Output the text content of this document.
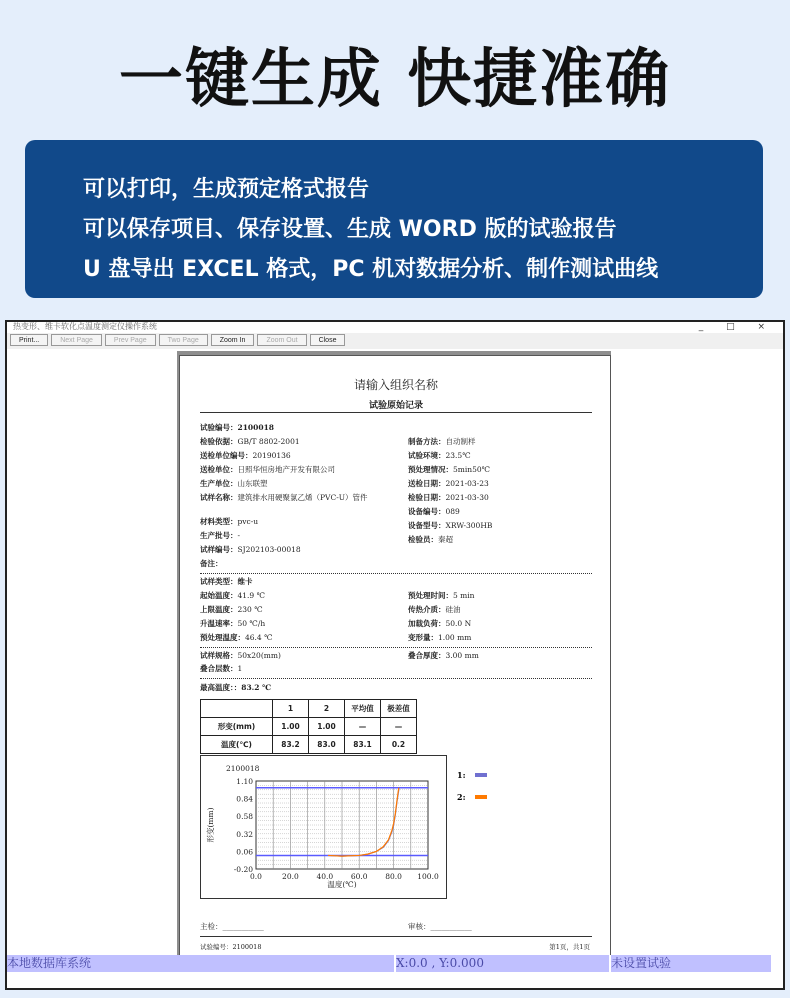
一键生成 快捷准确
可以打印，生成预定格式报告
可以保存项目、保存设置、生成 WORD 版的试验报告
U 盘导出 EXCEL 格式，PC 机对数据分析、制作测试曲线
热变形、维卡软化点温度测定仪操作系统	_ □ ×
Print...	Next Page	Prev Page	Two Page	Zoom In	Zoom Out	Close
请输入组织名称
试验原始记录
试验编号：2100018
检验依据：GB/T 8802-2001
送检单位编号：20190136
送检单位：日照华恒房地产开发有限公司
生产单位：山东联塑
试样名称：建筑排水用硬聚氯乙烯（PVC-U）管件
材料类型：pvc-u
生产批号：-
试样编号：SJ202103-00018
备注：
制备方法：自动制样
试验环境：23.5℃
预处理情况：5min50℃
送检日期：2021-03-23
检验日期：2021-03-30
设备编号：089
设备型号：XRW-300HB
检验员：秦超
试样类型：维卡
起始温度：41.9 ℃
上限温度：230 ℃
升温速率：50 ℃/h
预处理温度：46.4 ℃
预处理时间：5 min
传热介质：硅油
加载负荷：50.0 N
变形量：1.00 mm
试样规格：50x20(mm)	叠合厚度：3.00 mm
叠合层数：1
最高温度：：83.2 ℃
	1	2	平均值	极差值
形变(mm)	1.00	1.00	—	—
温度(℃)	83.2	83.0	83.1	0.2
2100018
1.10
0.84
0.58
0.32
0.06
-0.20
0.0	20.0 40.0 60.0 80.0 100.0
温度(℃)
形变(mm)
1:
2:
主检：___________	审核：___________
试验编号：2100018	第1页，共1页
本地数据库系统	X:0.0 , Y:0.000	未设置试验
